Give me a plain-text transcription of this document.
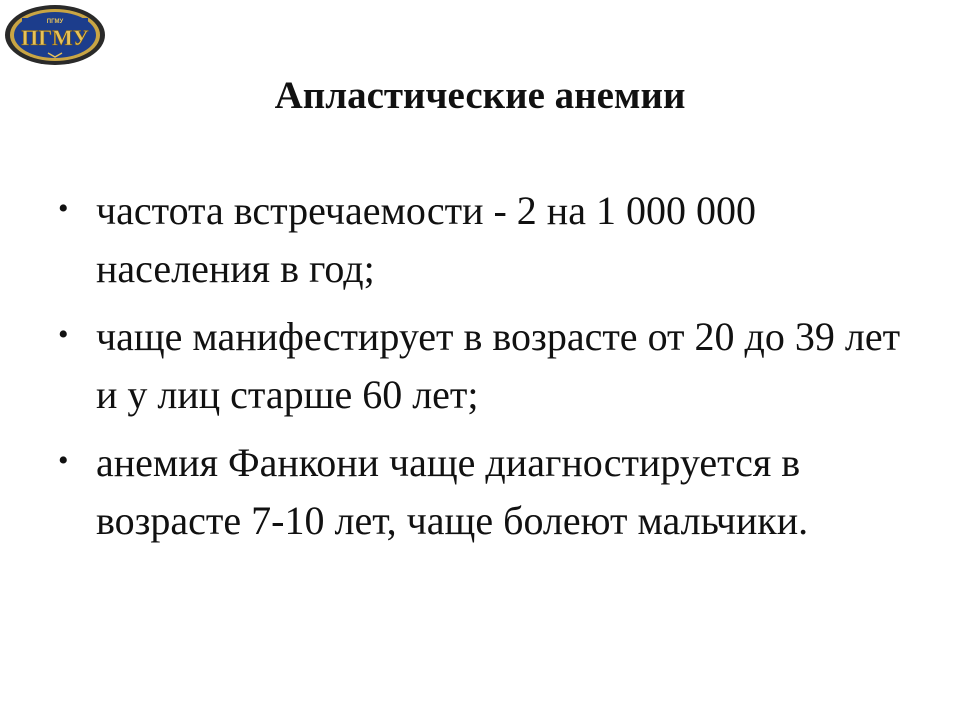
ПГМУ
ПГМУ
Апластические анемии
• частота встречаемости - 2 на 1 000 000 населения в год;
• чаще манифестирует в возрасте от 20 до 39 лет и у лиц старше 60 лет;
• анемия Фанкони чаще диагностируется в возрасте 7-10 лет, чаще болеют мальчики.
